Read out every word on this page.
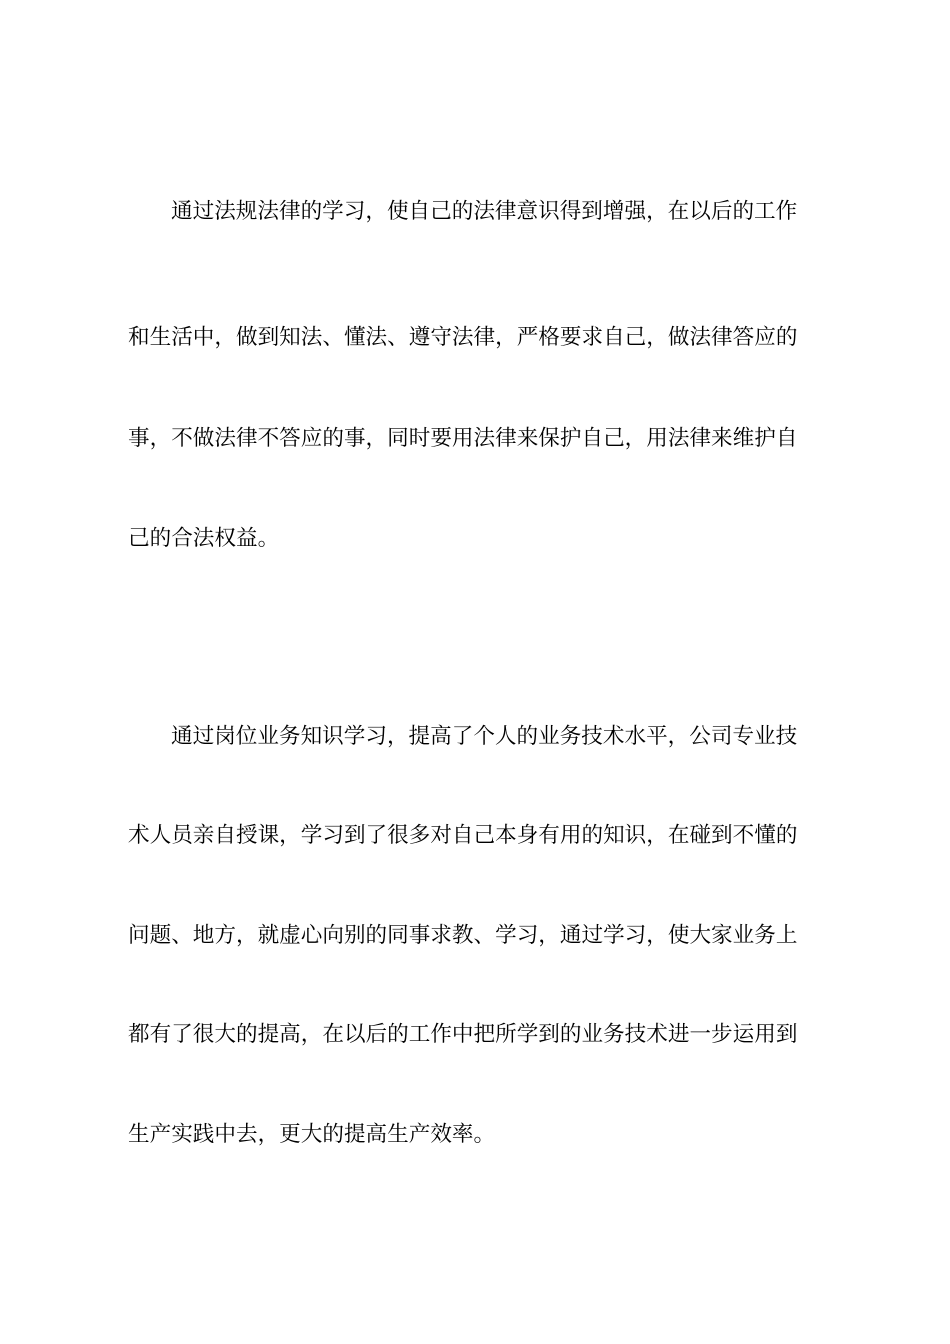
通过法规法律的学习，使自己的法律意识得到增强，在以后的工作
和生活中，做到知法、懂法、遵守法律，严格要求自己，做法律答应的
事，不做法律不答应的事，同时要用法律来保护自己，用法律来维护自
己的合法权益。
通过岗位业务知识学习，提高了个人的业务技术水平，公司专业技
术人员亲自授课，学习到了很多对自己本身有用的知识，在碰到不懂的
问题、地方，就虚心向别的同事求教、学习，通过学习，使大家业务上
都有了很大的提高，在以后的工作中把所学到的业务技术进一步运用到
生产实践中去，更大的提高生产效率。
